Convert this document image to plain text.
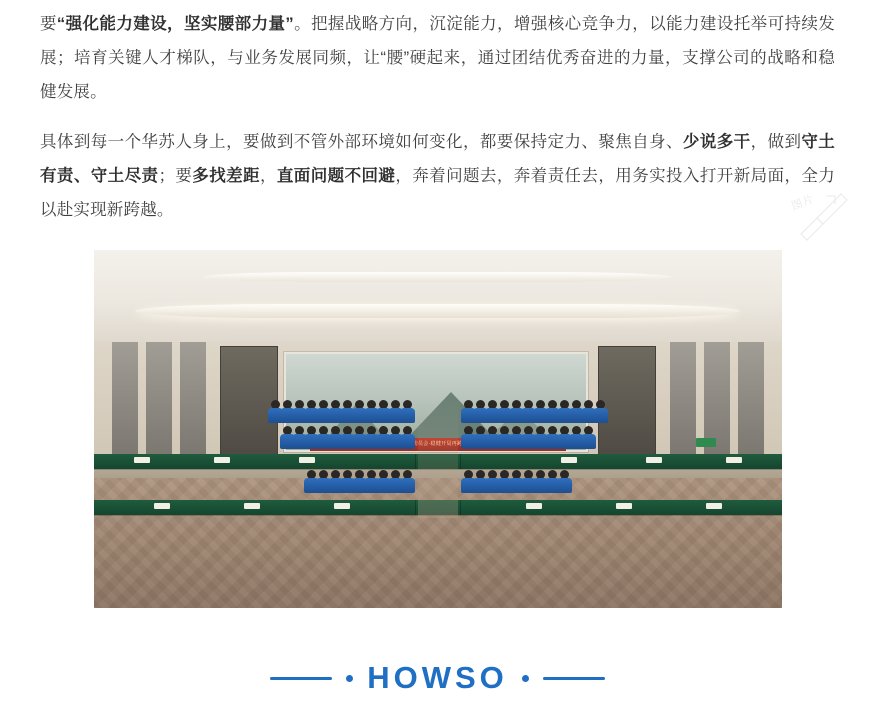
要“强化能力建设，坚实腰部力量”。把握战略方向，沉淀能力，增强核心竞争力，以能力建设托举可持续发展；培育关键人才梯队，与业务发展同频，让“腰”硬起来，通过团结优秀奋进的力量，支撑公司的战略和稳健发展。

具体到每一个华苏人身上，要做到不管外部环境如何变化，都要保持定力、聚焦自身、少说多干，做到守土有责、守土尽责；要多找差距，直面问题不回避，奔着问题去，奔着责任去，用务实投入打开新局面，全力以赴实现新跨越。	图片
华苏科技2024年开工动员会·稳健开局再跨越
HOWSO
